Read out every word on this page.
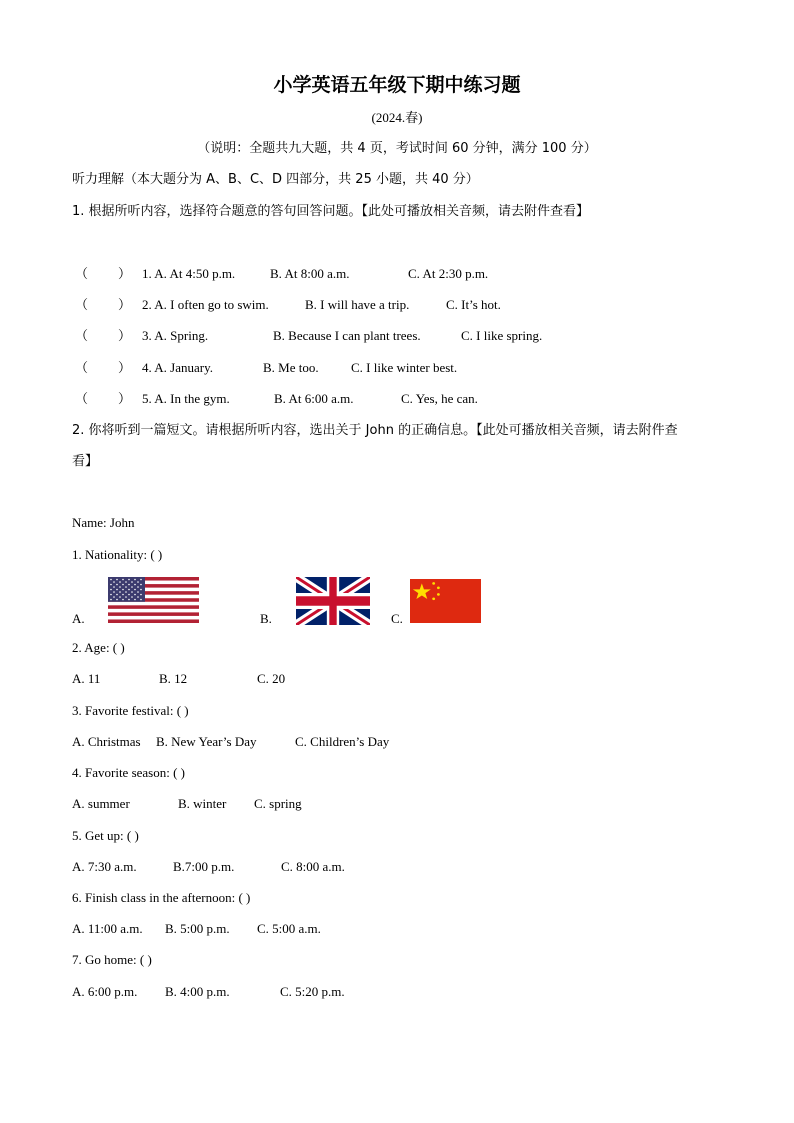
小学英语五年级下期中练习题
(2024.春)
（说明：全题共九大题，共 4 页，考试时间 60 分钟，满分 100 分）
听力理解（本大题分为 A、B、C、D 四部分，共 25 小题，共 40 分）
1. 根据所听内容，选择符合题意的答句回答问题。【此处可播放相关音频，请去附件查看】
（ ） 1. A. At 4:50 p.m.	B. At 8:00 a.m.	C. At 2:30 p.m.
（ ） 2. A. I often go to swim.	B. I will have a trip.	C. It’s hot.
（ ） 3. A. Spring.	B. Because I can plant trees.	C. I like spring.
（ ） 4. A. January.	B. Me too. C. I like winter best.
（ ） 5. A. In the gym.	B. At 6:00 a.m.	C. Yes, he can.
2. 你将听到一篇短文。请根据所听内容，选出关于 John 的正确信息。【此处可播放相关音频，请去附件查
看】
Name: John
1. Nationality: ( )
A.	B.	C.
2. Age: ( )
A. 11	B. 12	C. 20
3. Favorite festival: ( )
A. Christmas B. New Year’s Day	C. Children’s Day
4. Favorite season: ( )
A. summer	B. winter C. spring
5. Get up: ( )
A. 7:30 a.m.	B.7:00 p.m.	C. 8:00 a.m.
6. Finish class in the afternoon: ( )
A. 11:00 a.m. B. 5:00 p.m. C. 5:00 a.m.
7. Go home: ( )
A. 6:00 p.m. B. 4:00 p.m.	C. 5:20 p.m.
